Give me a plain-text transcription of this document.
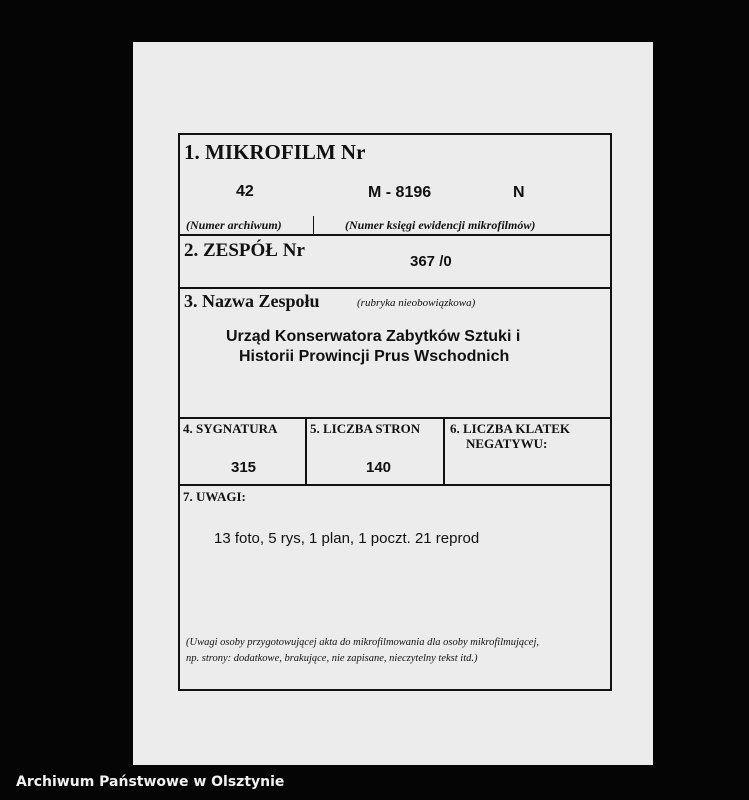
1. MIKROFILM Nr
42	M - 8196	N
(Numer archiwum)	(Numer księgi ewidencji mikrofilmów)
2. ZESPÓŁ Nr
367 /0
3. Nazwa Zespołu	(rubryka nieobowiązkowa)
Urząd Konserwatora Zabytków Sztuki i
Historii Prowincji Prus Wschodnich
4. SYGNATURA
315
5. LICZBA STRON
140
6. LICZBA KLATEK
NEGATYWU:
7. UWAGI:
13 foto, 5 rys, 1 plan, 1 poczt. 21 reprod
(Uwagi osoby przygotowującej akta do mikrofilmowania dla osoby mikrofilmującej,
np. strony: dodatkowe, brakujące, nie zapisane, nieczytelny tekst itd.)
Archiwum Państwowe w Olsztynie
